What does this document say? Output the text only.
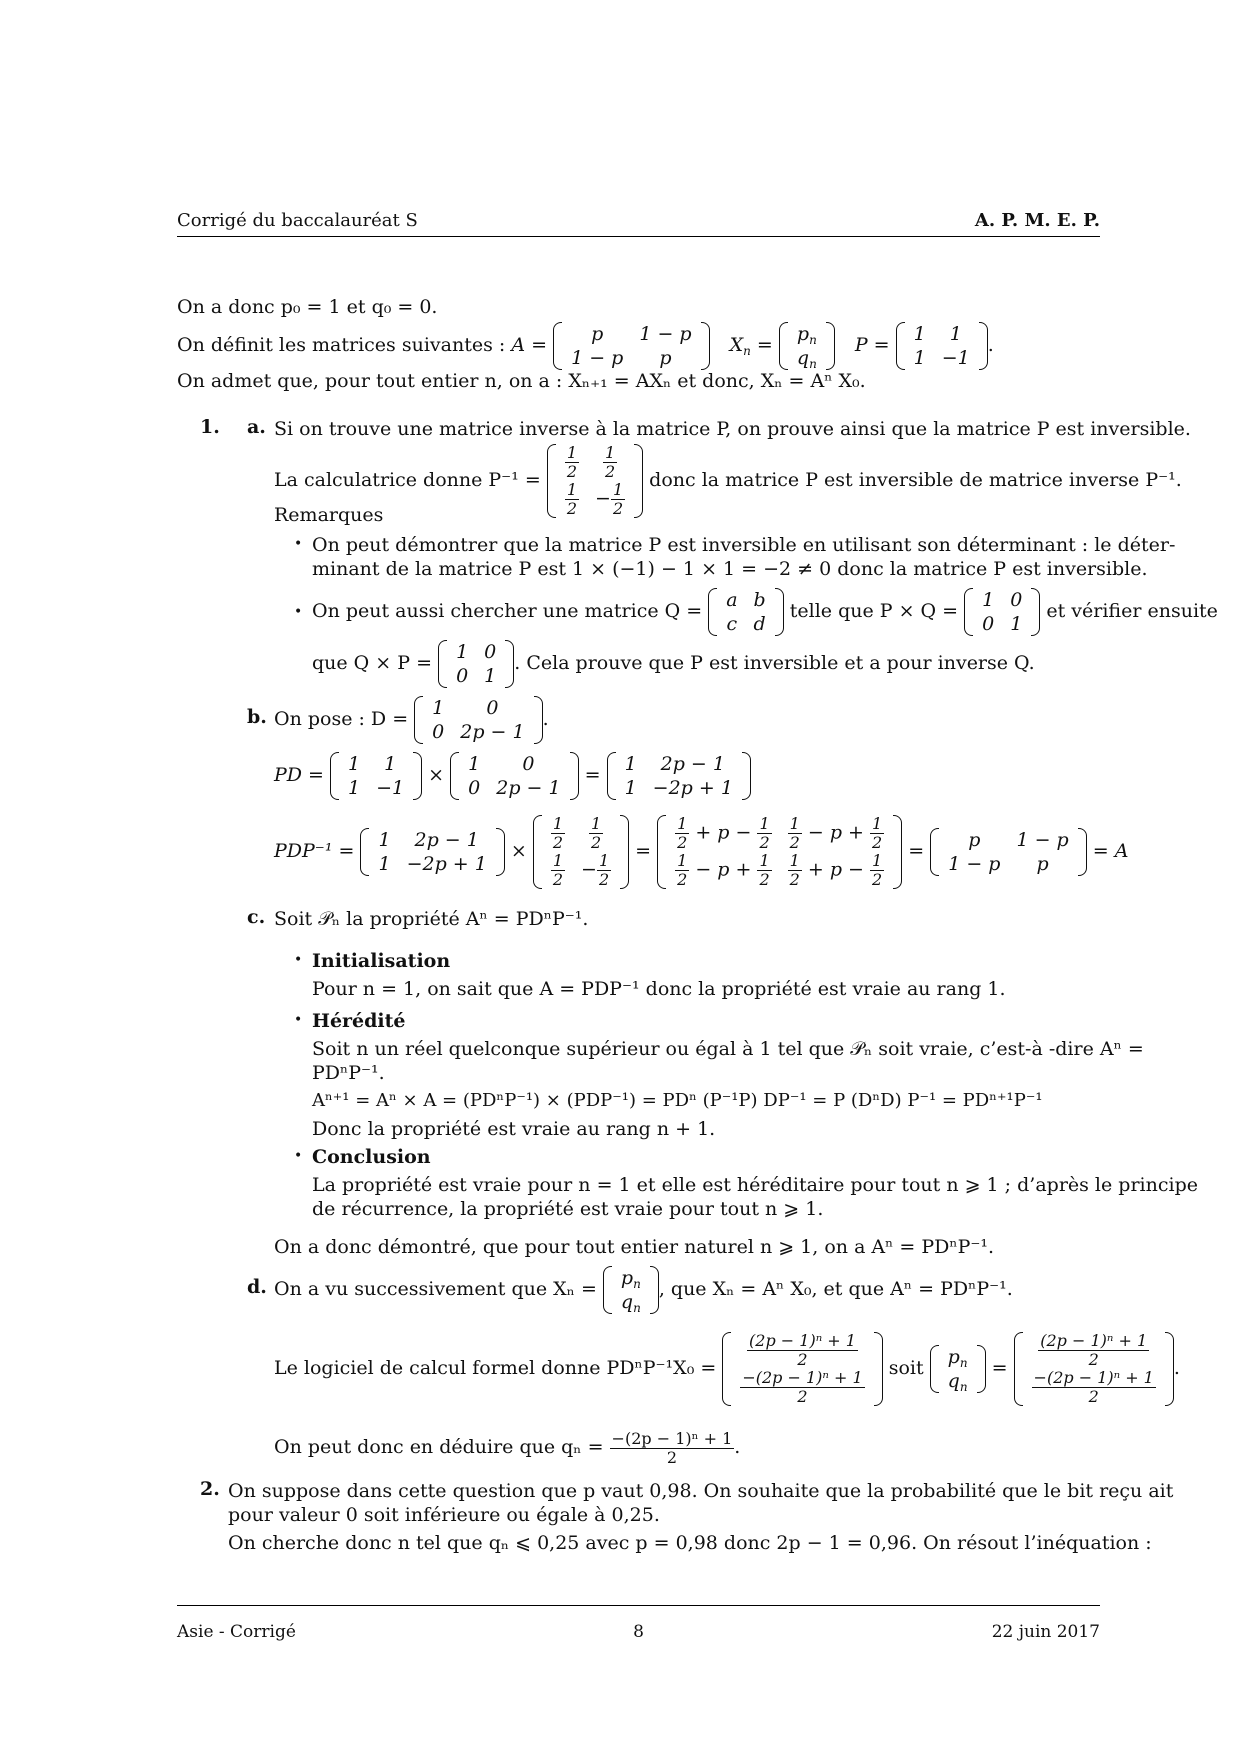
Corrigé du baccalauréat S	A. P. M. E. P.
On a donc p₀ = 1 et q₀ = 0.
On définit les matrices suivantes : A = p	1 − p
1 − p	p
$X_n = p_n$
$q_n$
P = 1	1
1	−1
.
On admet que, pour tout entier n, on a : Xₙ₊₁ = AXₙ et donc, Xₙ = Aⁿ X₀.
1. a. Si on trouve une matrice inverse à la matrice P, on prouve ainsi que la matrice P est inversible.
La calculatrice donne $P^{-1} = \frac{1}{2}$	$\frac{1}{2}$

$\frac{1}{2}$	− $\frac{1}{2}$
donc la matrice P est inversible de matrice inverse P⁻¹.
Remarques
• On peut démontrer que la matrice P est inversible en utilisant son déterminant : le déter-
minant de la matrice P est 1 × (−1) − 1 × 1 = −2 ≠ 0 donc la matrice P est inversible.
• On peut aussi chercher une matrice Q = a	b
c	d
telle que P × Q = 1	0
0	1
et vérifier ensuite
que Q × P = 1	0
0	1
. Cela prouve que P est inversible et a pour inverse Q.
b. On pose : D = 1	0
0	2p − 1
.
PD = 1	1
1	−1
× 1	0
0	2p − 1
= 1	2p − 1
1	−2p + 1
PDP⁻¹ = 1	2p − 1
1	−2p + 1
× $\frac{1}{2}$	$\frac{1}{2}$

$\frac{1}{2}$	− $\frac{1}{2}$
= $\frac{1}{2} + p - \frac{1}{2}$	$\frac{1}{2} - p + \frac{1}{2}$

$\frac{1}{2} - p + \frac{1}{2}$	$\frac{1}{2} + p - \frac{1}{2}$
= p	1 − p
1 − p	p
= A
c. Soit 𝒫ₙ la propriété Aⁿ = PDⁿP⁻¹.
• Initialisation
Pour n = 1, on sait que A = PDP⁻¹ donc la propriété est vraie au rang 1.
• Hérédité
Soit n un réel quelconque supérieur ou égal à 1 tel que 𝒫ₙ soit vraie, c’est-à -dire Aⁿ =
PDⁿP⁻¹.
Aⁿ⁺¹ = Aⁿ × A = (PDⁿP⁻¹) × (PDP⁻¹) = PDⁿ (P⁻¹P) DP⁻¹ = P (DⁿD) P⁻¹ = PDⁿ⁺¹P⁻¹
Donc la propriété est vraie au rang n + 1.
• Conclusion
La propriété est vraie pour n = 1 et elle est héréditaire pour tout n ⩾ 1 ; d’après le principe
de récurrence, la propriété est vraie pour tout n ⩾ 1.
On a donc démontré, que pour tout entier naturel n ⩾ 1, on a Aⁿ = PDⁿP⁻¹.
d. On a vu successivement que $X_n = p_n$
$q_n$
, que Xₙ = Aⁿ X₀, et que Aⁿ = PDⁿP⁻¹.
Le logiciel de calcul formel donne $PD^nP^{-1}X_0 = \frac{\text{(2p − 1)ⁿ + 1}}{2}$

$\frac{\text{−(2p − 1)ⁿ + 1}}{2}$
soit $p_n$
$q_n$
= $\frac{\text{(2p − 1)ⁿ + 1}}{2}$

$\frac{\text{−(2p − 1)ⁿ + 1}}{2}$
.
On peut donc en déduire que $q_n = \frac{\text{−(2p − 1)ⁿ + 1}}{2}$ .
2. On suppose dans cette question que p vaut 0,98. On souhaite que la probabilité que le bit reçu ait
pour valeur 0 soit inférieure ou égale à 0,25.
On cherche donc n tel que qₙ ⩽ 0,25 avec p = 0,98 donc 2p − 1 = 0,96. On résout l’inéquation :
Asie - Corrigé	8	22 juin 2017
